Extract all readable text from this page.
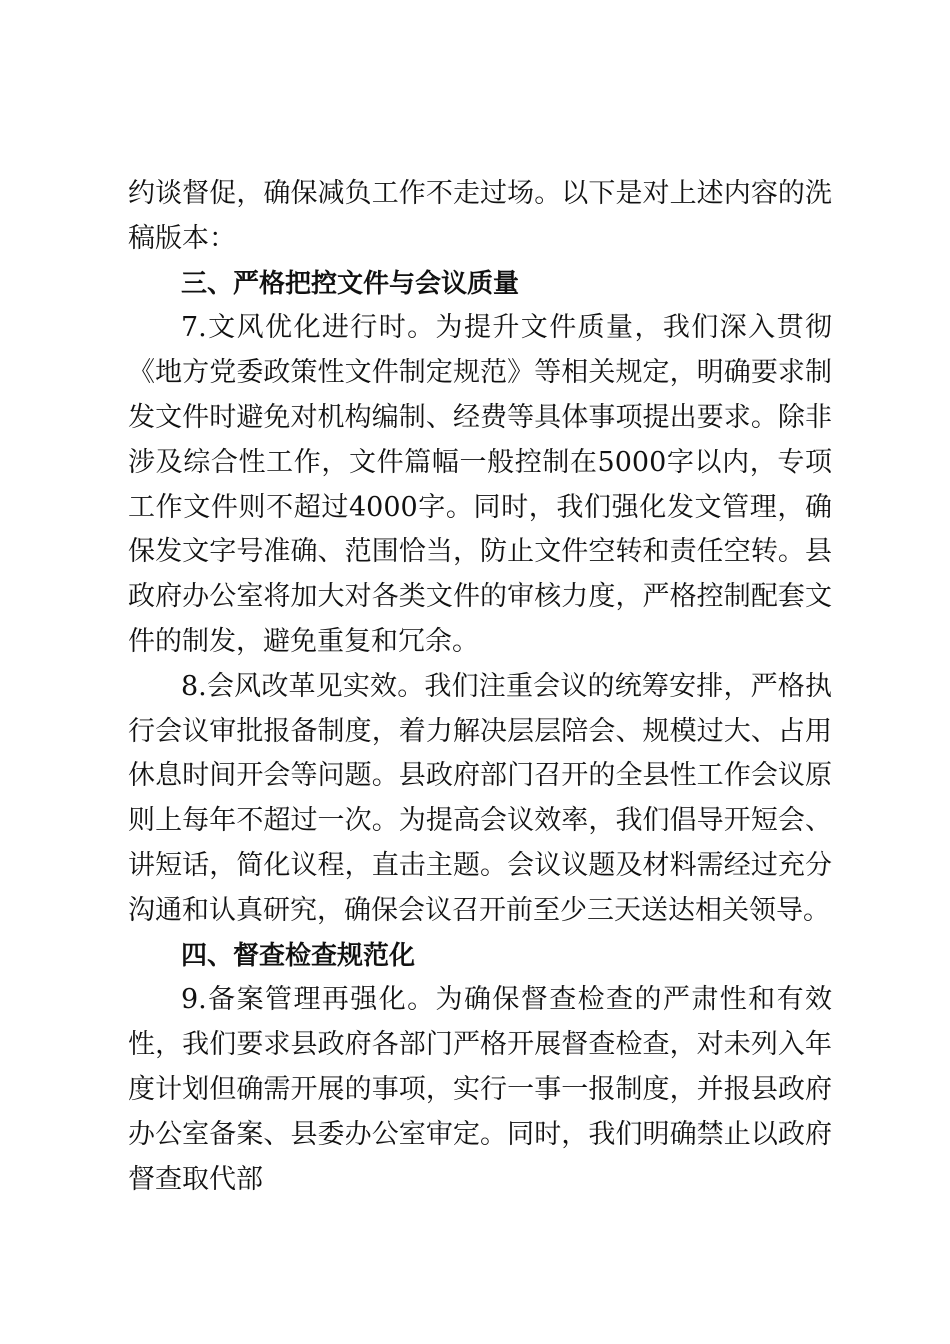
约谈督促，确保减负工作不走过场。以下是对上述内容的洗稿版本：

三、严格把控文件与会议质量

7.文风优化进行时。为提升文件质量，我们深入贯彻《地方党委政策性文件制定规范》等相关规定，明确要求制发文件时避免对机构编制、经费等具体事项提出要求。除非涉及综合性工作，文件篇幅一般控制在5000字以内，专项工作文件则不超过4000字。同时，我们强化发文管理，确保发文字号准确、范围恰当，防止文件空转和责任空转。县政府办公室将加大对各类文件的审核力度，严格控制配套文件的制发，避免重复和冗余。

8.会风改革见实效。我们注重会议的统筹安排，严格执行会议审批报备制度，着力解决层层陪会、规模过大、占用休息时间开会等问题。县政府部门召开的全县性工作会议原则上每年不超过一次。为提高会议效率，我们倡导开短会、讲短话，简化议程，直击主题。会议议题及材料需经过充分沟通和认真研究，确保会议召开前至少三天送达相关领导。

四、督查检查规范化

9.备案管理再强化。为确保督查检查的严肃性和有效性，我们要求县政府各部门严格开展督查检查，对未列入年度计划但确需开展的事项，实行一事一报制度，并报县政府办公室备案、县委办公室审定。同时，我们明确禁止以政府督查取代部
